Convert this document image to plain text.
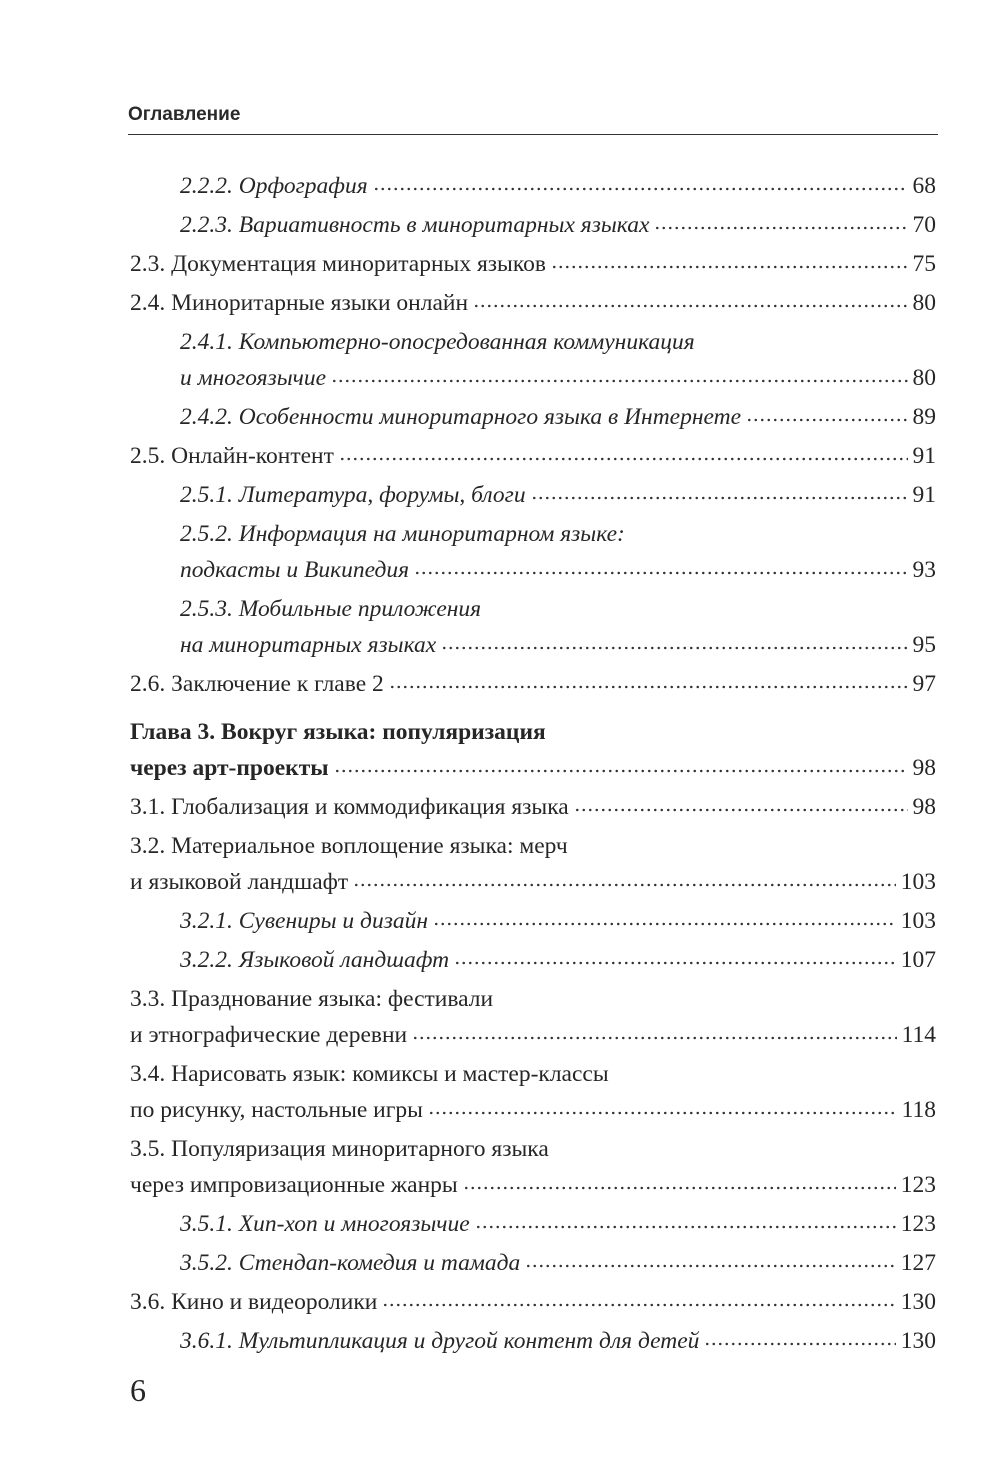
Оглавление
2.2.2. Орфография	68
2.2.3. Вариативность в миноритарных языках	70
2.3. Документация миноритарных языков	75
2.4. Миноритарные языки онлайн	80
2.4.1. Компьютерно-опосредованная коммуникация
и многоязычие	80
2.4.2. Особенности миноритарного языка в Интернете	89
2.5. Онлайн-контент	91
2.5.1. Литература, форумы, блоги	91
2.5.2. Информация на миноритарном языке:
подкасты и Википедия	93
2.5.3. Мобильные приложения
на миноритарных языках	95
2.6. Заключение к главе 2	97
Глава 3. Вокруг языка: популяризация
через арт-проекты	98
3.1. Глобализация и коммодификация языка	98
3.2. Материальное воплощение языка: мерч
и языковой ландшафт	103
3.2.1. Сувениры и дизайн	103
3.2.2. Языковой ландшафт	107
3.3. Празднование языка: фестивали
и этнографические деревни	114
3.4. Нарисовать язык: комиксы и мастер-классы
по рисунку, настольные игры	118
3.5. Популяризация миноритарного языка
через импровизационные жанры	123
3.5.1. Хип-хоп и многоязычие	123
3.5.2. Стендап-комедия и тамада	127
3.6. Кино и видеоролики	130
3.6.1. Мультипликация и другой контент для детей	130
6
